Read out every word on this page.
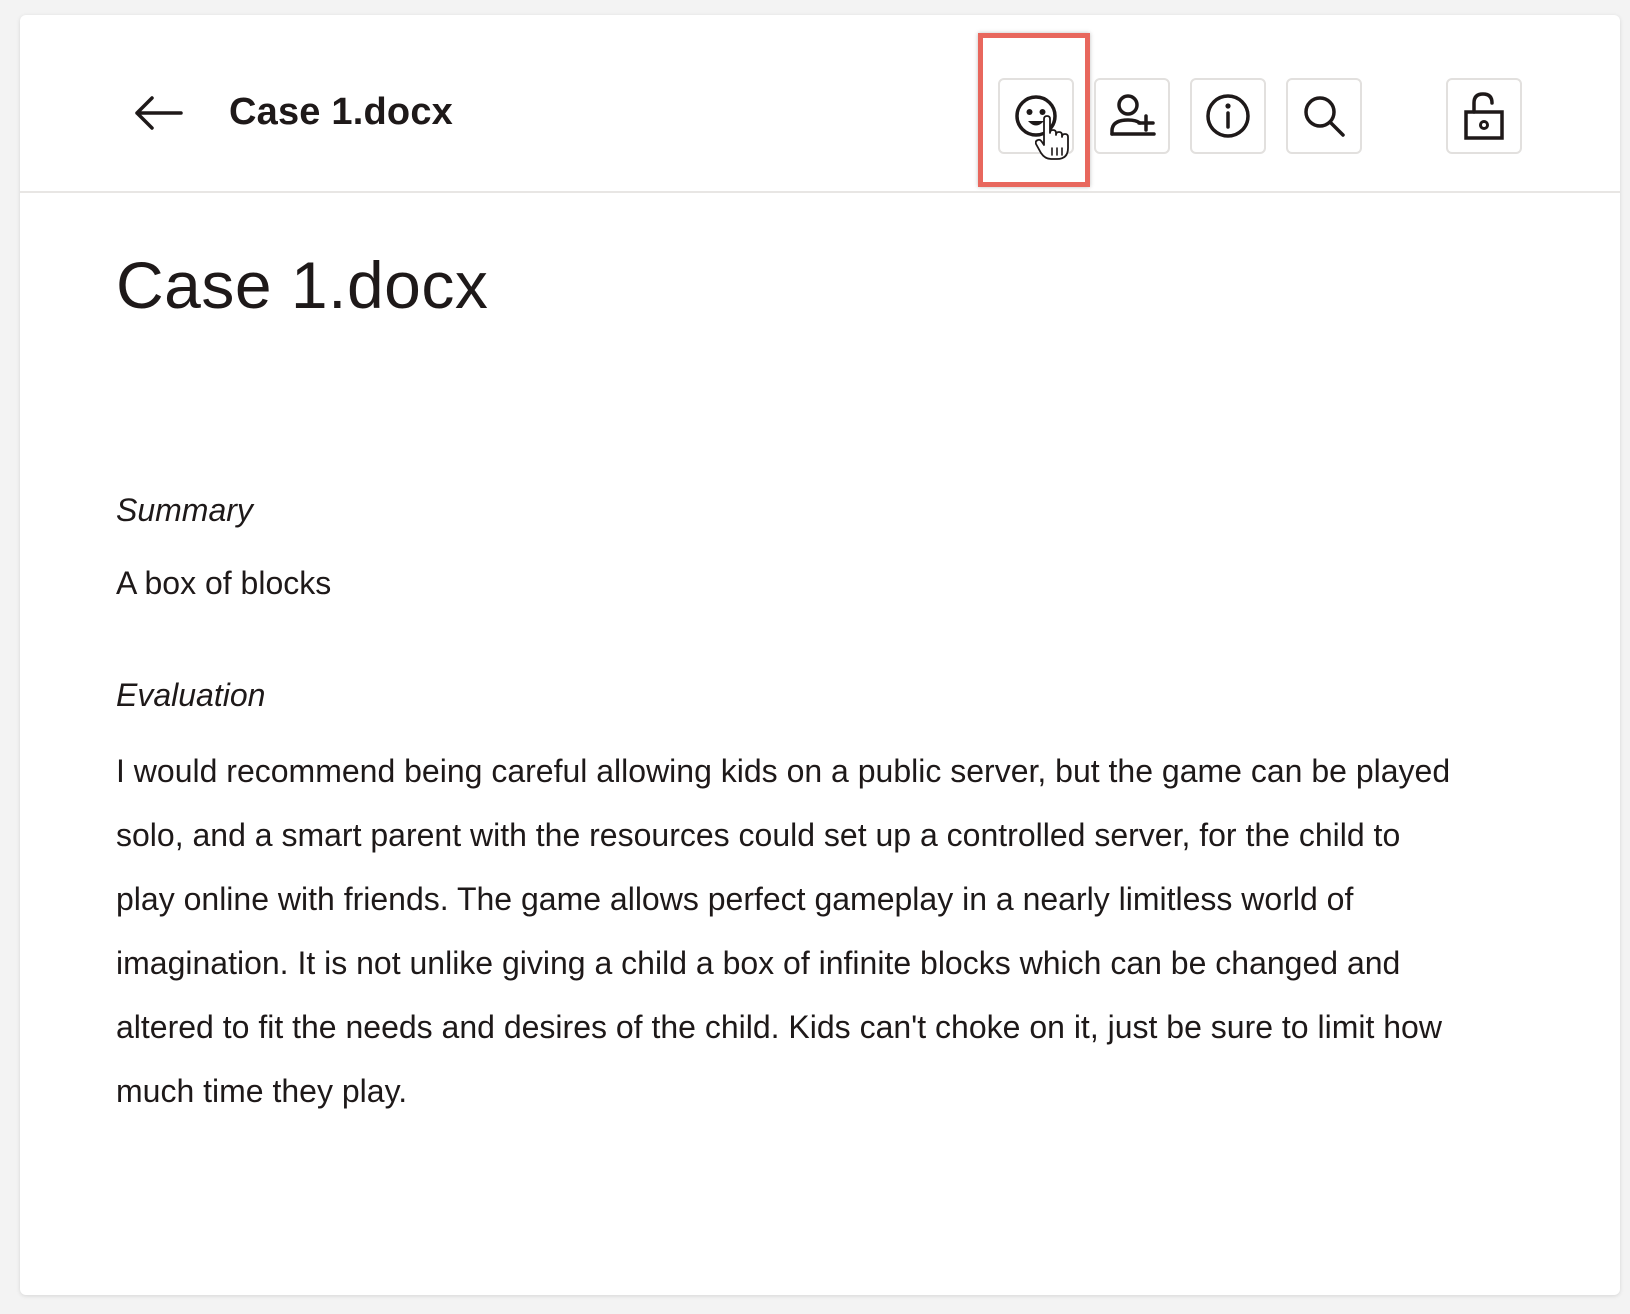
Case 1.docx
Case 1.docx
Summary
A box of blocks
Evaluation

I would recommend being careful allowing kids on a public server, but the game can be played solo, and a smart parent with the resources could set up a controlled server, for the child to play online with friends. The game allows perfect gameplay in a nearly limitless world of imagination. It is not unlike giving a child a box of infinite blocks which can be changed and altered to fit the needs and desires of the child. Kids can't choke on it, just be sure to limit how much time they play.
